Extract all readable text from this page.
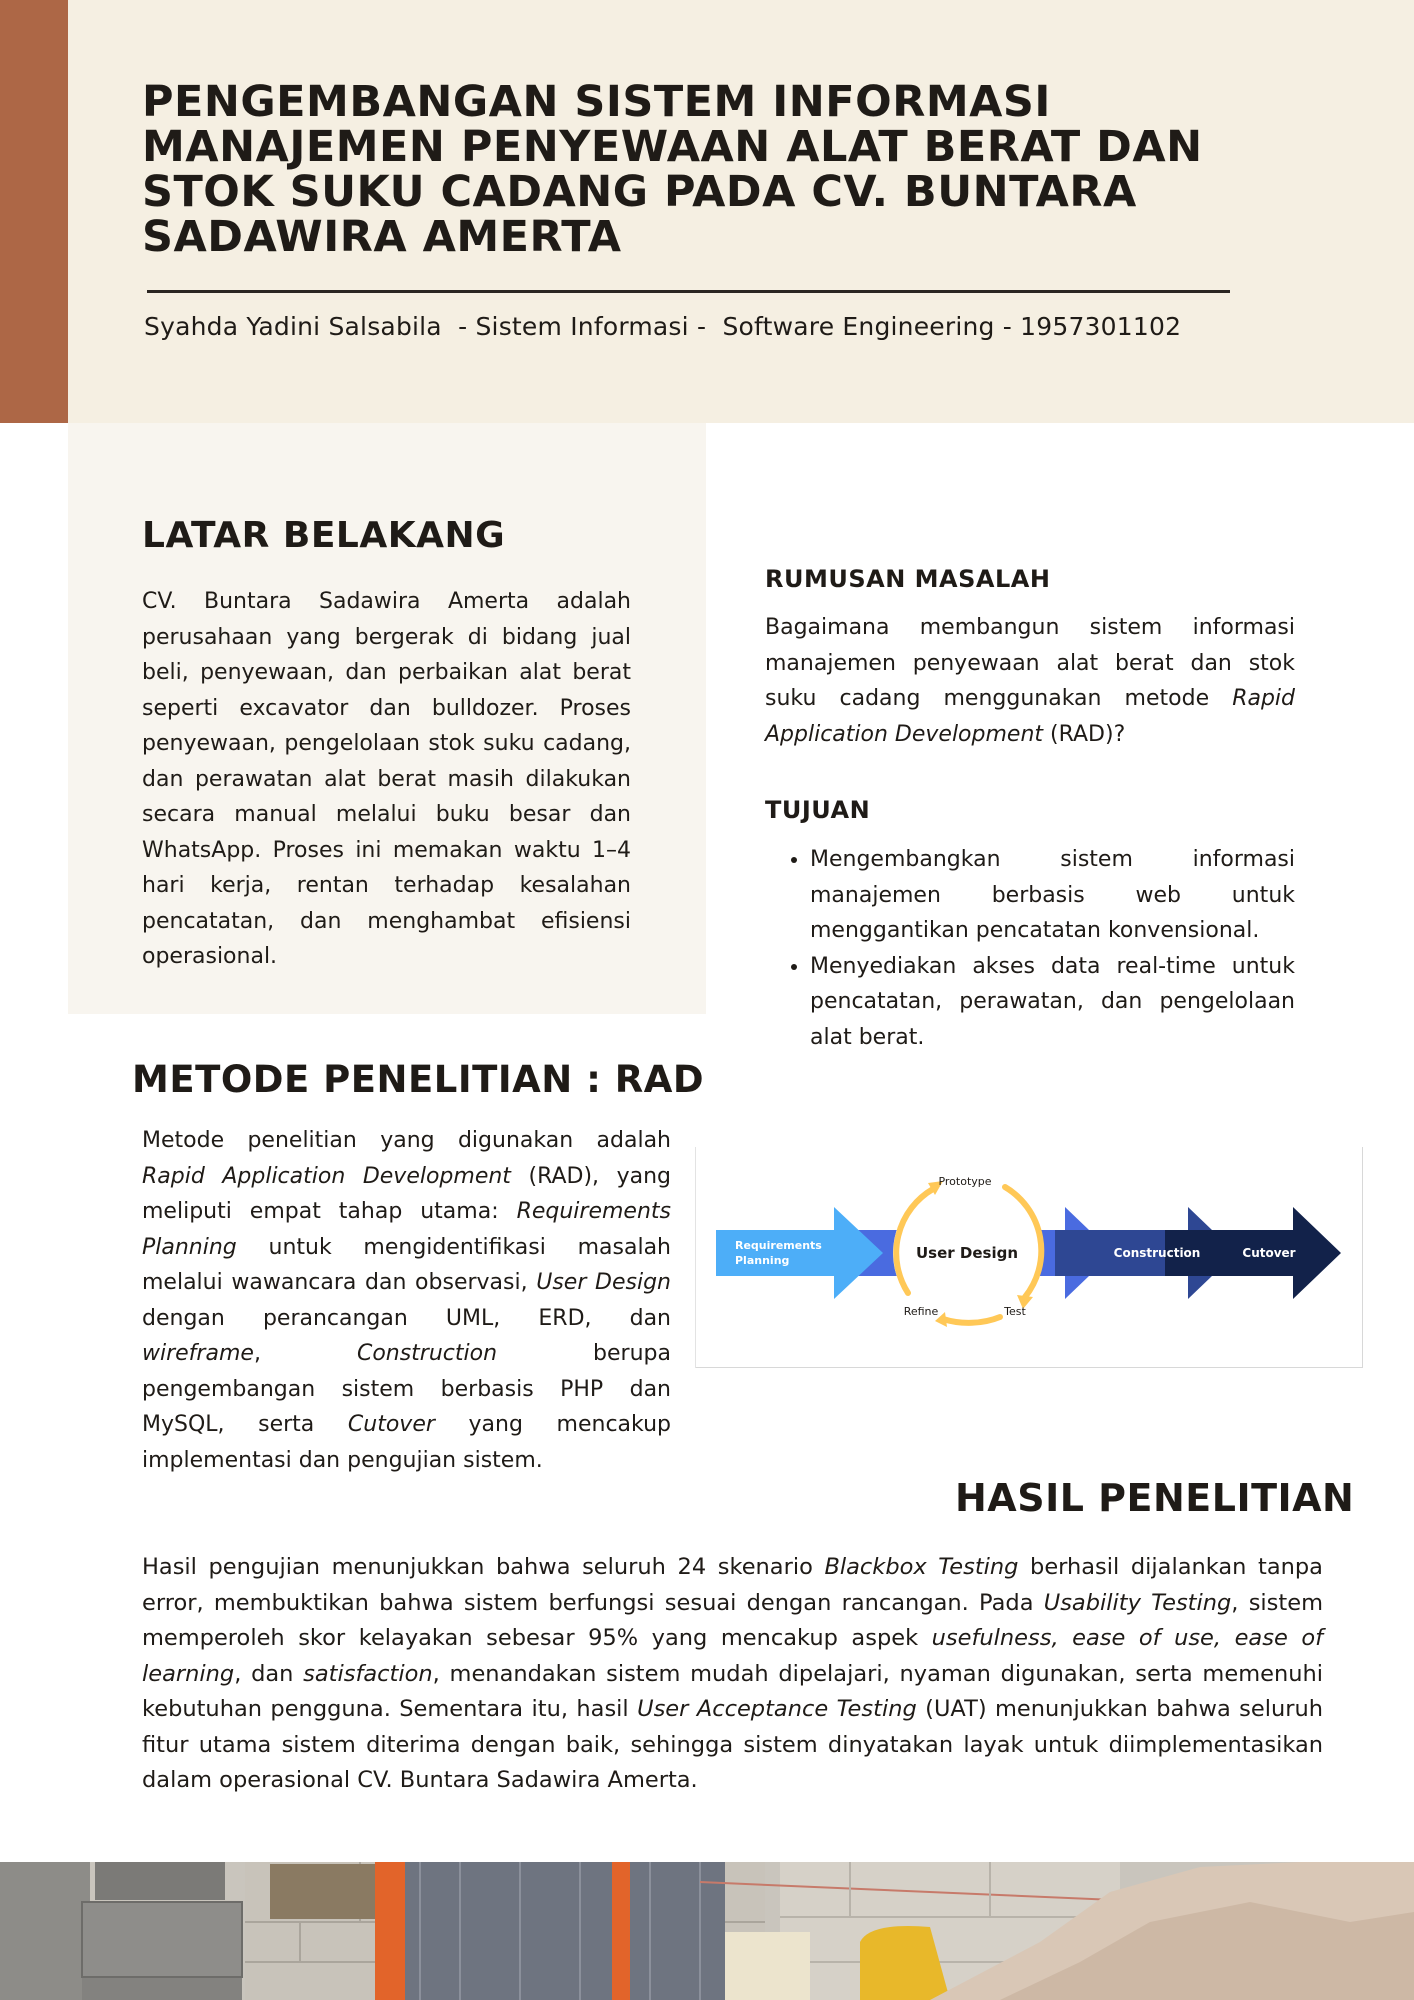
PENGEMBANGAN SISTEM INFORMASI
MANAJEMEN PENYEWAAN ALAT BERAT DAN
STOK SUKU CADANG PADA CV. BUNTARA
SADAWIRA AMERTA
Syahda Yadini Salsabila  - Sistem Informasi -  Software Engineering - 1957301102
LATAR BELAKANG

CV. Buntara Sadawira Amerta adalah perusahaan yang bergerak di bidang jual beli, penyewaan, dan perbaikan alat berat seperti excavator dan bulldozer. Proses penyewaan, pengelolaan stok suku cadang, dan perawatan alat berat masih dilakukan secara manual melalui buku besar dan WhatsApp. Proses ini memakan waktu 1–4 hari kerja, rentan terhadap kesalahan pencatatan, dan menghambat efisiensi operasional.

RUMUSAN MASALAH

Bagaimana membangun sistem informasi manajemen penyewaan alat berat dan stok suku cadang menggunakan metode Rapid Application Development (RAD)?

TUJUAN
• Mengembangkan sistem informasi manajemen berbasis web untuk menggantikan pencatatan konvensional.
• Menyediakan akses data real-time untuk pencatatan, perawatan, dan pengelolaan alat berat.
METODE PENELITIAN : RAD

Metode penelitian yang digunakan adalah Rapid Application Development (RAD), yang meliputi empat tahap utama: Requirements Planning untuk mengidentifikasi masalah melalui wawancara dan observasi, User Design dengan perancangan UML, ERD, dan wireframe, Construction berupa pengembangan sistem berbasis PHP dan MySQL, serta Cutover yang mencakup implementasi dan pengujian sistem.

Requirements
Planning	User Design	Construction	Cutover
Prototype
Test
Refine
HASIL PENELITIAN

Hasil pengujian menunjukkan bahwa seluruh 24 skenario Blackbox Testing berhasil dijalankan tanpa error, membuktikan bahwa sistem berfungsi sesuai dengan rancangan. Pada Usability Testing, sistem memperoleh skor kelayakan sebesar 95% yang mencakup aspek usefulness, ease of use, ease of learning, dan satisfaction, menandakan sistem mudah dipelajari, nyaman digunakan, serta memenuhi kebutuhan pengguna. Sementara itu, hasil User Acceptance Testing (UAT) menunjukkan bahwa seluruh fitur utama sistem diterima dengan baik, sehingga sistem dinyatakan layak untuk diimplementasikan dalam operasional CV. Buntara Sadawira Amerta.
